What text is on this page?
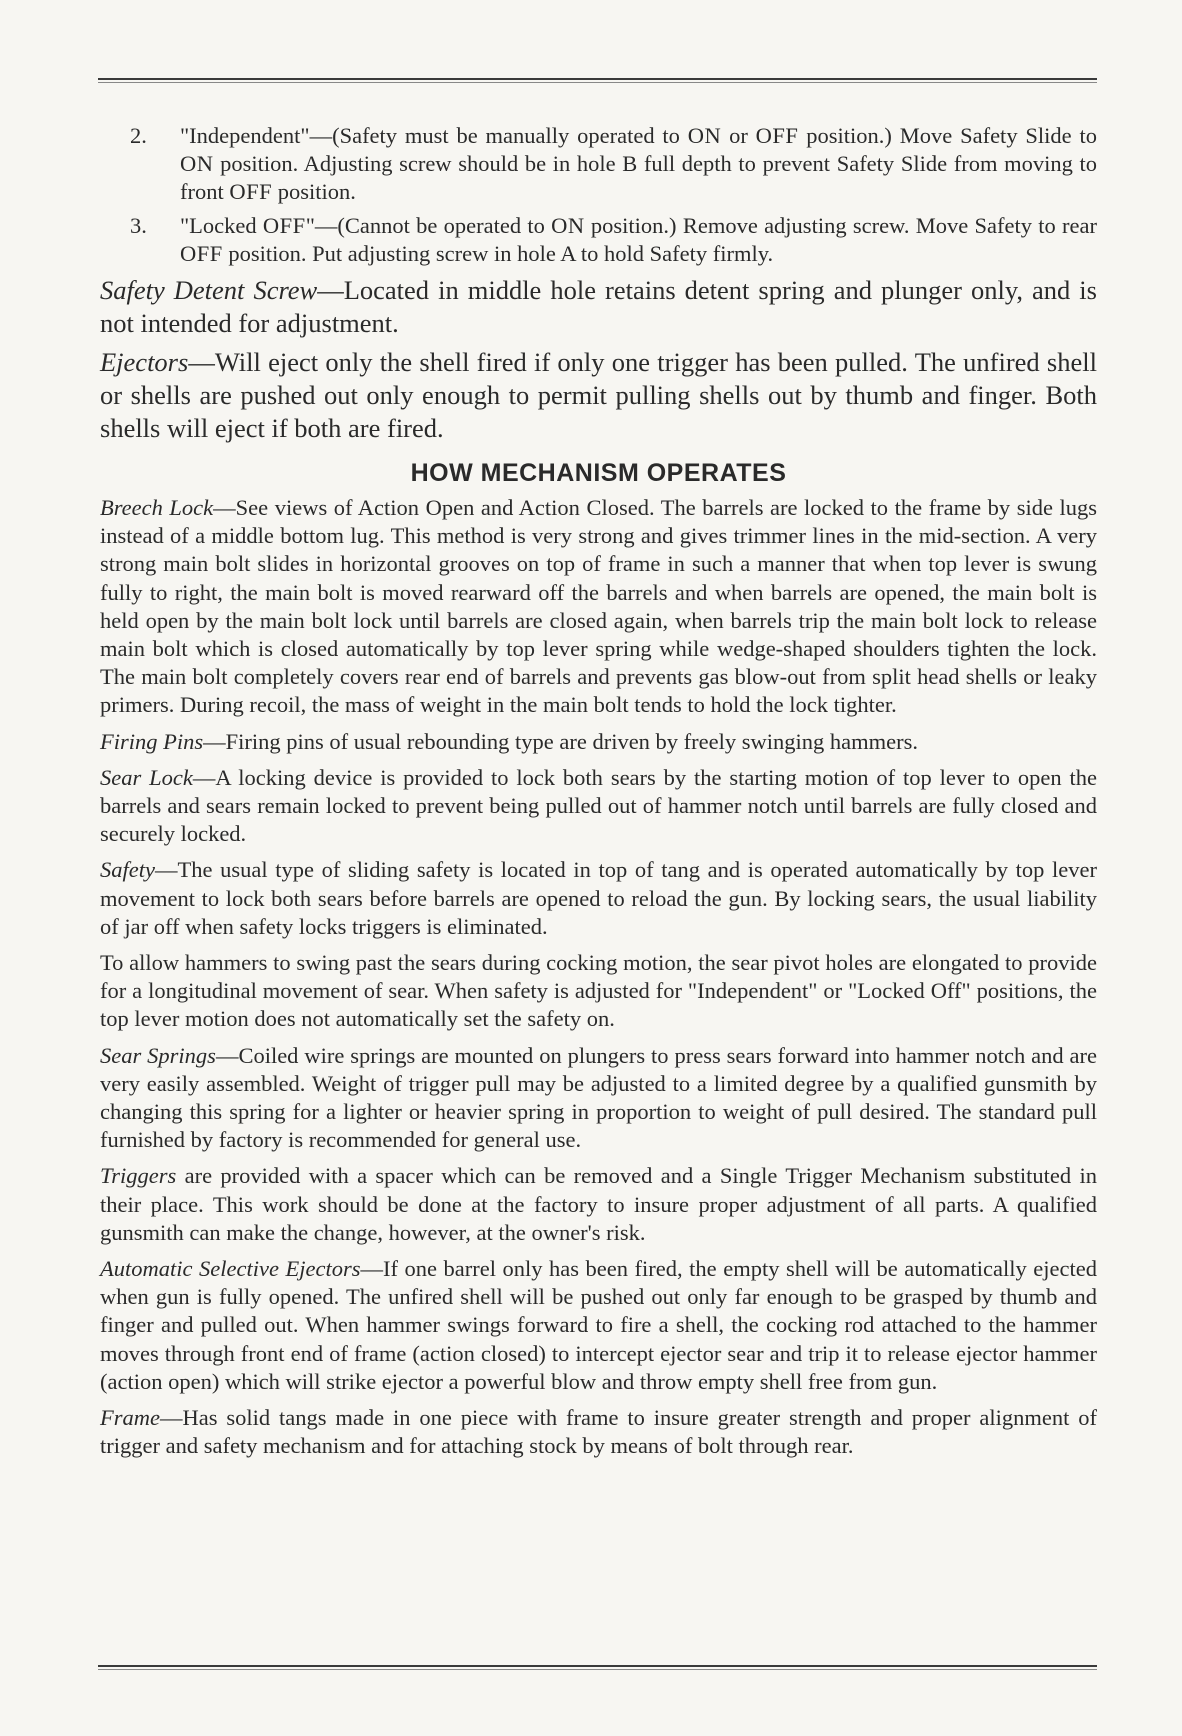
2. "Independent"—(Safety must be manually operated to ON or OFF position.) Move Safety Slide to ON position. Adjusting screw should be in hole B full depth to prevent Safety Slide from moving to front OFF position.

3. "Locked OFF"—(Cannot be operated to ON position.) Remove adjusting screw. Move Safety to rear OFF position. Put adjusting screw in hole A to hold Safety firmly.

Safety Detent Screw—Located in middle hole retains detent spring and plunger only, and is not intended for adjustment.

Ejectors—Will eject only the shell fired if only one trigger has been pulled. The unfired shell or shells are pushed out only enough to permit pulling shells out by thumb and finger. Both shells will eject if both are fired.

HOW MECHANISM OPERATES

Breech Lock—See views of Action Open and Action Closed. The barrels are locked to the frame by side lugs instead of a middle bottom lug. This method is very strong and gives trimmer lines in the mid-section. A very strong main bolt slides in horizontal grooves on top of frame in such a manner that when top lever is swung fully to right, the main bolt is moved rearward off the barrels and when barrels are opened, the main bolt is held open by the main bolt lock until barrels are closed again, when barrels trip the main bolt lock to release main bolt which is closed automatically by top lever spring while wedge-shaped shoulders tighten the lock. The main bolt completely covers rear end of barrels and prevents gas blow-out from split head shells or leaky primers. During recoil, the mass of weight in the main bolt tends to hold the lock tighter.

Firing Pins—Firing pins of usual rebounding type are driven by freely swinging hammers.

Sear Lock—A locking device is provided to lock both sears by the starting motion of top lever to open the barrels and sears remain locked to prevent being pulled out of hammer notch until barrels are fully closed and securely locked.

Safety—The usual type of sliding safety is located in top of tang and is operated automatically by top lever movement to lock both sears before barrels are opened to reload the gun. By locking sears, the usual liability of jar off when safety locks triggers is eliminated.

To allow hammers to swing past the sears during cocking motion, the sear pivot holes are elongated to provide for a longitudinal movement of sear. When safety is adjusted for "Independent" or "Locked Off" positions, the top lever motion does not automatically set the safety on.

Sear Springs—Coiled wire springs are mounted on plungers to press sears forward into hammer notch and are very easily assembled. Weight of trigger pull may be adjusted to a limited degree by a qualified gunsmith by changing this spring for a lighter or heavier spring in proportion to weight of pull desired. The standard pull furnished by factory is recommended for general use.

Triggers are provided with a spacer which can be removed and a Single Trigger Mechanism substituted in their place. This work should be done at the factory to insure proper adjustment of all parts. A qualified gunsmith can make the change, however, at the owner's risk.

Automatic Selective Ejectors—If one barrel only has been fired, the empty shell will be automatically ejected when gun is fully opened. The unfired shell will be pushed out only far enough to be grasped by thumb and finger and pulled out. When hammer swings forward to fire a shell, the cocking rod attached to the hammer moves through front end of frame (action closed) to intercept ejector sear and trip it to release ejector hammer (action open) which will strike ejector a powerful blow and throw empty shell free from gun.

Frame—Has solid tangs made in one piece with frame to insure greater strength and proper alignment of trigger and safety mechanism and for attaching stock by means of bolt through rear.
